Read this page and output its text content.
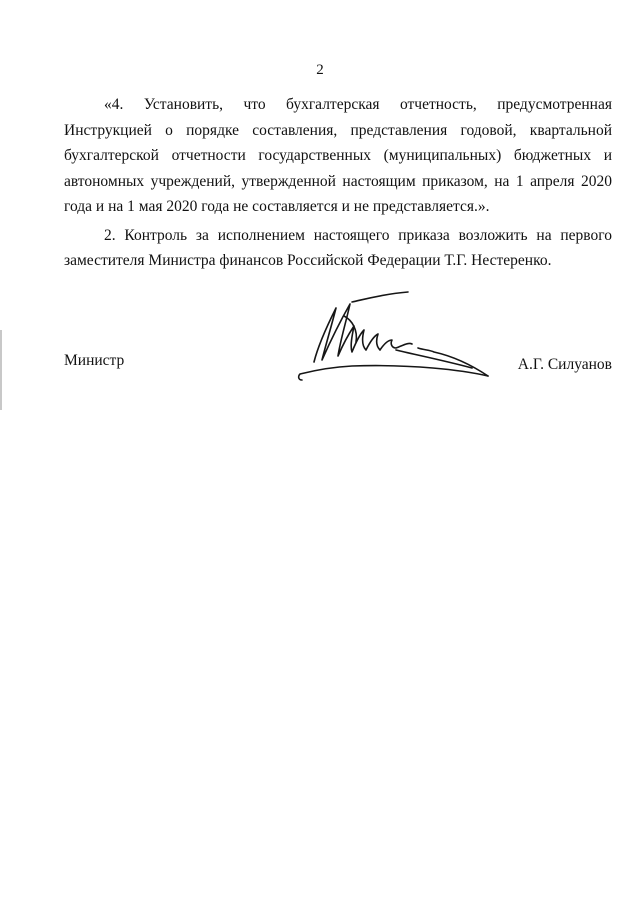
2

«4. Установить, что бухгалтерская отчетность, предусмотренная Инструкцией о порядке составления, представления годовой, квартальной бухгалтерской отчетности государственных (муниципальных) бюджетных и автономных учреждений, утвержденной настоящим приказом, на 1 апреля 2020 года и на 1 мая 2020 года не составляется и не представляется.».

2. Контроль за исполнением настоящего приказа возложить на первого заместителя Министра финансов Российской Федерации Т.Г. Нестеренко.

Министр	А.Г. Силуанов
